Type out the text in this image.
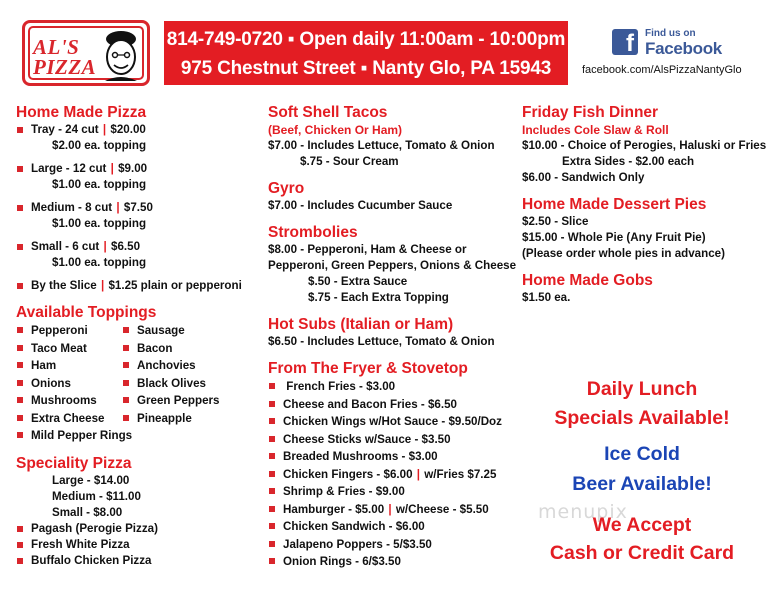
AL'S
PIZZA
814-749-0720 ▪ Open daily 11:00am - 10:00pm
975 Chestnut Street ▪ Nanty Glo, PA 15943
f	Find us on
Facebook
facebook.com/AlsPizzaNantyGlo
Home Made Pizza
Tray - 24 cut | $20.00
$2.00 ea. topping
Large - 12 cut | $9.00
$1.00 ea. topping
Medium - 8 cut | $7.50
$1.00 ea. topping
Small - 6 cut | $6.50
$1.00 ea. topping
By the Slice | $1.25 plain or pepperoni
Available Toppings
Pepperoni
Taco Meat
Ham
Onions
Mushrooms
Extra Cheese
Mild Pepper Rings
Sausage
Bacon
Anchovies
Black Olives
Green Peppers
Pineapple
Speciality Pizza
Large - $14.00
Medium - $11.00
Small - $8.00
Pagash (Perogie Pizza)
Fresh White Pizza
Buffalo Chicken Pizza
Soft Shell Tacos
(Beef, Chicken Or Ham)
$7.00 - Includes Lettuce, Tomato & Onion
$.75 - Sour Cream
Gyro
$7.00 - Includes Cucumber Sauce
Strombolies
$8.00 - Pepperoni, Ham & Cheese or
Pepperoni, Green Peppers, Onions & Cheese
$.50 - Extra Sauce
$.75 - Each Extra Topping
Hot Subs (Italian or Ham)
$6.50 - Includes Lettuce, Tomato & Onion
From The Fryer & Stovetop
French Fries - $3.00
Cheese and Bacon Fries - $6.50
Chicken Wings w/Hot Sauce - $9.50/Doz
Cheese Sticks w/Sauce - $3.50
Breaded Mushrooms - $3.00
Chicken Fingers - $6.00 | w/Fries $7.25
Shrimp & Fries - $9.00
Hamburger - $5.00 | w/Cheese - $5.50
Chicken Sandwich - $6.00
Jalapeno Poppers - 5/$3.50
Onion Rings - 6/$3.50
Friday Fish Dinner
Includes Cole Slaw & Roll
$10.00 - Choice of Perogies, Haluski or Fries
Extra Sides - $2.00 each
$6.00 - Sandwich Only
Home Made Dessert Pies
$2.50 - Slice
$15.00 - Whole Pie (Any Fruit Pie)
(Please order whole pies in advance)
Home Made Gobs
$1.50 ea.
Daily Lunch
Specials Available!
Ice Cold
Beer Available!
menupix
We Accept
Cash or Credit Card
